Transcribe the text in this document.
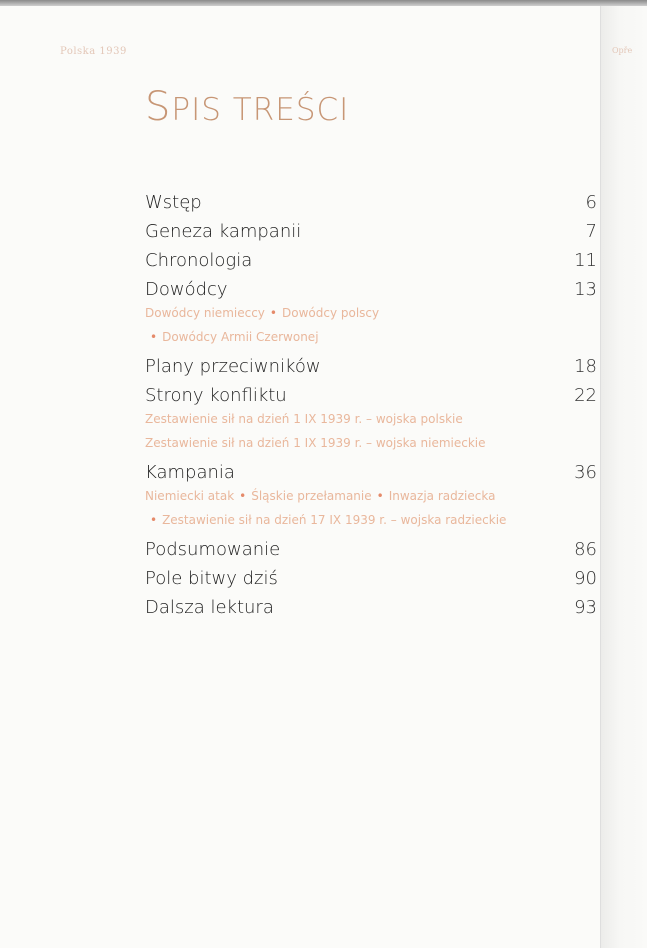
Polska 1939	Opře
SPIS TREŚCI
Wstęp	6
Geneza kampanii	7
Chronologia	11
Dowódcy	13
Dowódcy niemieccy • Dowódcy polscy
• Dowódcy Armii Czerwonej
Plany przeciwników	18
Strony konfliktu	22
Zestawienie sił na dzień 1 IX 1939 r. – wojska polskie
Zestawienie sił na dzień 1 IX 1939 r. – wojska niemieckie
Kampania	36
Niemiecki atak • Śląskie przełamanie • Inwazja radziecka
• Zestawienie sił na dzień 17 IX 1939 r. – wojska radzieckie
Podsumowanie	86
Pole bitwy dziś	90
Dalsza lektura	93
